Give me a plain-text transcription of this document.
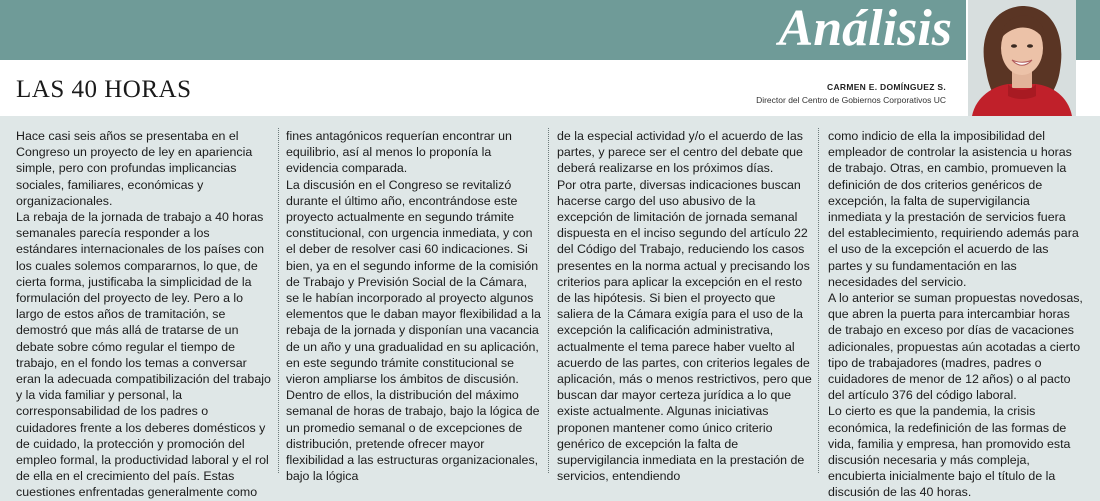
Análisis
LAS 40 HORAS	CARMEN E. DOMÍNGUEZ S.
Director del Centro de Gobiernos Corporativos UC

Hace casi seis años se presentaba en el Congreso un proyecto de ley en apariencia simple, pero con profundas implicancias sociales, familiares, económicas y organizacionales.

La rebaja de la jornada de trabajo a 40 horas semanales parecía responder a los estándares internacionales de los países con los cuales solemos compararnos, lo que, de cierta forma, justificaba la simplicidad de la formulación del proyecto de ley. Pero a lo largo de estos años de tramitación, se demostró que más allá de tratarse de un debate sobre cómo regular el tiempo de trabajo, en el fondo los temas a conversar eran la adecuada compatibilización del trabajo y la vida familiar y personal, la corresponsabilidad de los padres o cuidadores frente a los deberes domésticos y de cuidado, la protección y promoción del empleo formal, la productividad laboral y el rol de ella en el crecimiento del país. Estas cuestiones enfrentadas generalmente como

fines antagónicos requerían encontrar un equilibrio, así al menos lo proponía la evidencia comparada.

La discusión en el Congreso se revitalizó durante el último año, encontrándose este proyecto actualmente en segundo trámite constitucional, con urgencia inmediata, y con el deber de resolver casi 60 indicaciones. Si bien, ya en el segundo informe de la comisión de Trabajo y Previsión Social de la Cámara, se le habían incorporado al proyecto algunos elementos que le daban mayor flexibilidad a la rebaja de la jornada y disponían una vacancia de un año y una gradualidad en su aplicación, en este segundo trámite constitucional se vieron ampliarse los ámbitos de discusión.

Dentro de ellos, la distribución del máximo semanal de horas de trabajo, bajo la lógica de un promedio semanal o de excepciones de distribución, pretende ofrecer mayor flexibilidad a las estructuras organizacionales, bajo la lógica

de la especial actividad y/o el acuerdo de las partes, y parece ser el centro del debate que deberá realizarse en los próximos días.

Por otra parte, diversas indicaciones buscan hacerse cargo del uso abusivo de la excepción de limitación de jornada semanal dispuesta en el inciso segundo del artículo 22 del Código del Trabajo, reduciendo los casos presentes en la norma actual y precisando los criterios para aplicar la excepción en el resto de las hipótesis. Si bien el proyecto que saliera de la Cámara exigía para el uso de la excepción la calificación administrativa, actualmente el tema parece haber vuelto al acuerdo de las partes, con criterios legales de aplicación, más o menos restrictivos, pero que buscan dar mayor certeza jurídica a lo que existe actualmente. Algunas iniciativas proponen mantener como único criterio genérico de excepción la falta de supervigilancia inmediata en la prestación de servicios, entendiendo

como indicio de ella la imposibilidad del empleador de controlar la asistencia u horas de trabajo. Otras, en cambio, promueven la definición de dos criterios genéricos de excepción, la falta de supervigilancia inmediata y la prestación de servicios fuera del establecimiento, requiriendo además para el uso de la excepción el acuerdo de las partes y su fundamentación en las necesidades del servicio.

A lo anterior se suman propuestas novedosas, que abren la puerta para intercambiar horas de trabajo en exceso por días de vacaciones adicionales, propuestas aún acotadas a cierto tipo de trabajadores (madres, padres o cuidadores de menor de 12 años) o al pacto del artículo 376 del código laboral.

Lo cierto es que la pandemia, la crisis económica, la redefinición de las formas de vida, familia y empresa, han promovido esta discusión necesaria y más compleja, encubierta inicialmente bajo el título de la discusión de las 40 horas.
